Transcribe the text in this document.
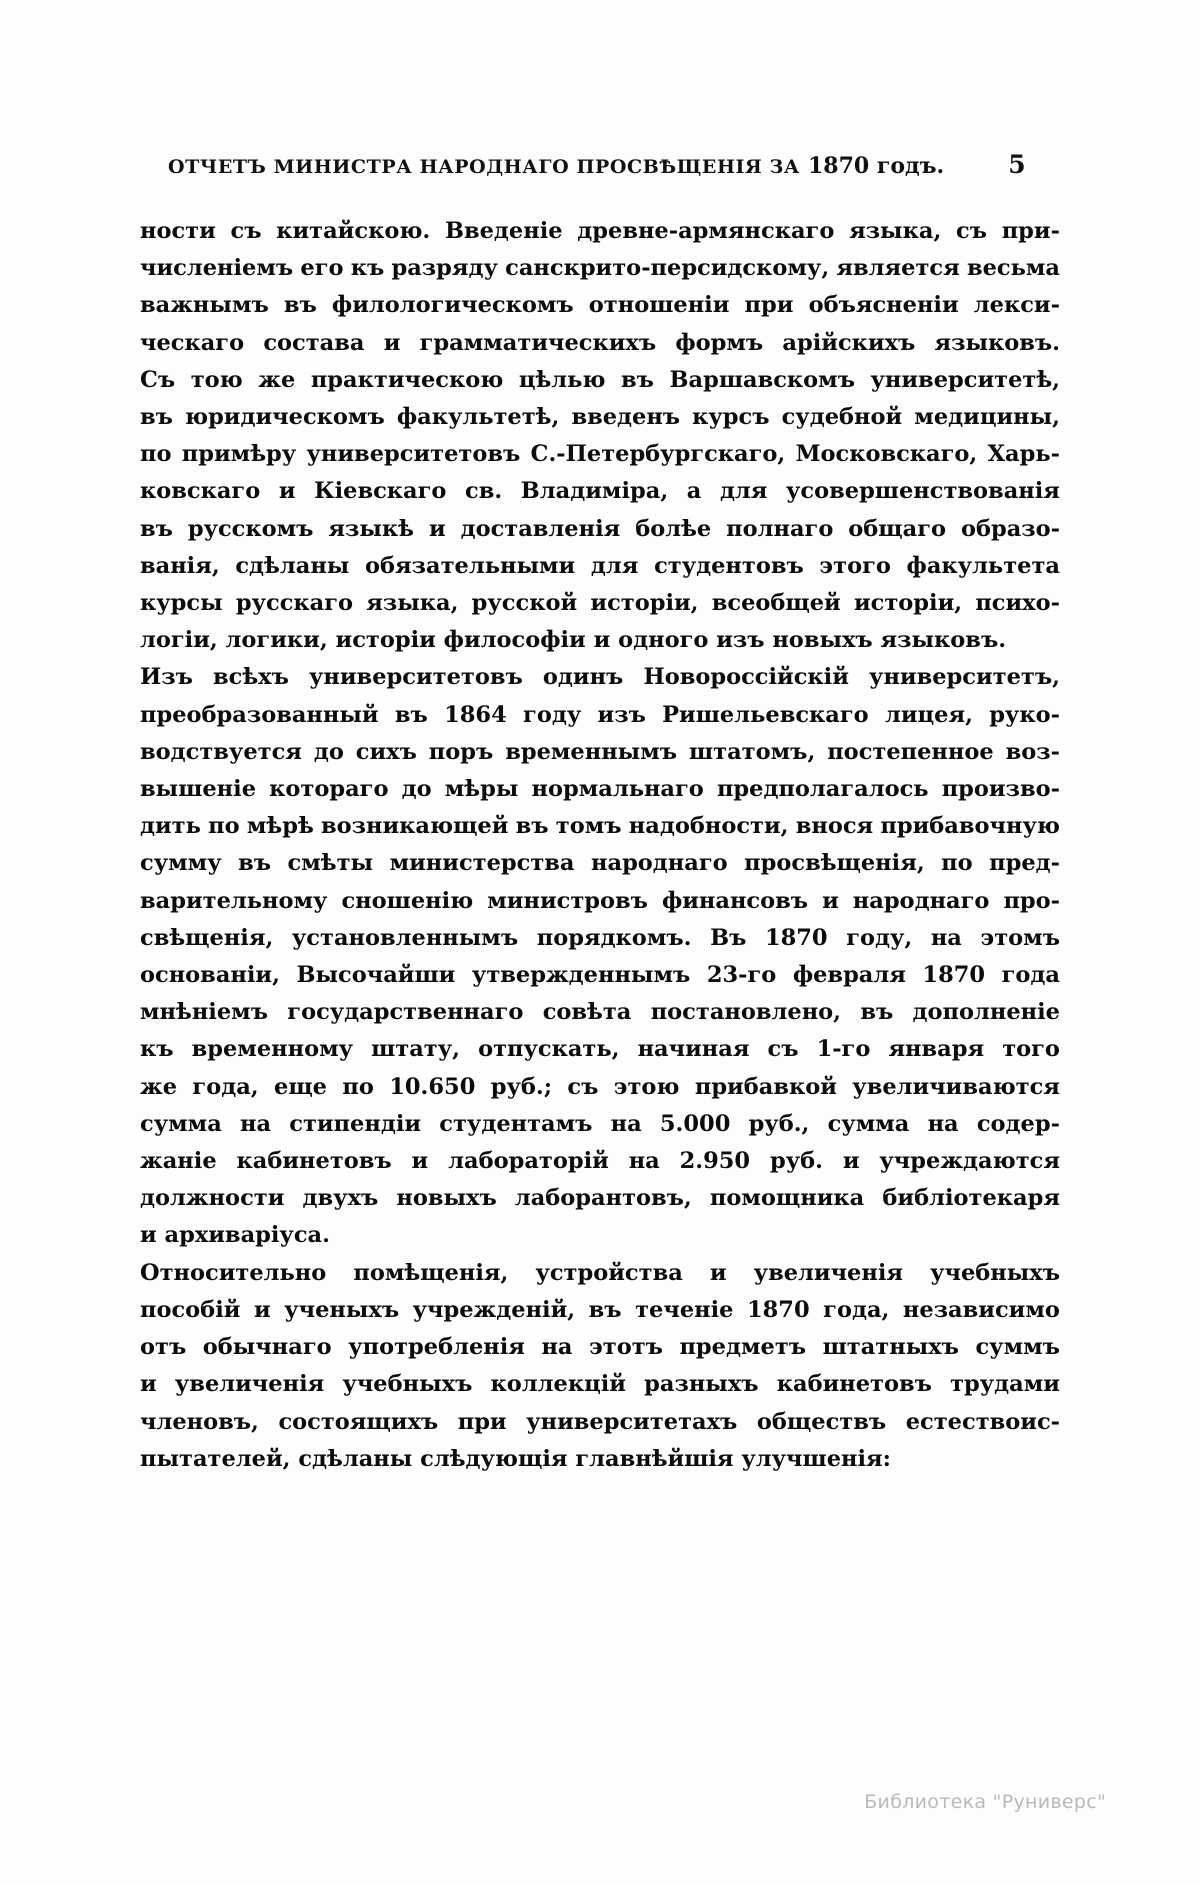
ОТЧЕТЪ МИНИСТРА НАРОДНАГО ПРОСВѢЩЕНІЯ ЗА 1870 годъ.	5

ности съ китайскою. Введеніе древне-армянскаго языка, съ при-
численіемъ его къ разряду санскрито-персидскому, является весьма
важнымъ въ филологическомъ отношеніи при объясненіи лекси-
ческаго состава и грамматическихъ формъ арійскихъ языковъ.
Съ тою же практическою цѣлью въ Варшавскомъ университетѣ,
въ юридическомъ факультетѣ, введенъ курсъ судебной медицины,
по примѣру университетовъ С.-Петербургскаго, Московскаго, Харь-
ковскаго и Кіевскаго св. Владиміра, а для усовершенствованія
въ русскомъ языкѣ и доставленія болѣе полнаго общаго образо-
ванія, сдѣланы обязательными для студентовъ этого факультета
курсы русскаго языка, русской исторіи, всеобщей исторіи, психо-
логіи, логики, исторіи философіи и одного изъ новыхъ языковъ.

Изъ всѣхъ университетовъ одинъ Новороссійскій университетъ,
преобразованный въ 1864 году изъ Ришельевскаго лицея, руко-
водствуется до сихъ поръ временнымъ штатомъ, постепенное воз-
вышеніе котораго до мѣры нормальнаго предполагалось произво-
дить по мѣрѣ возникающей въ томъ надобности, внося прибавочную
сумму въ смѣты министерства народнаго просвѣщенія, по пред-
варительному сношенію министровъ финансовъ и народнаго про-
свѣщенія, установленнымъ порядкомъ. Въ 1870 году, на этомъ
основаніи, Высочайши утвержденнымъ 23-го февраля 1870 года
мнѣніемъ государственнаго совѣта постановлено, въ дополненіе
къ временному штату, отпускать, начиная съ 1-го января того
же года, еще по 10.650 руб.; съ этою прибавкой увеличиваются
сумма на стипендіи студентамъ на 5.000 руб., сумма на содер-
жаніе кабинетовъ и лабораторій на 2.950 руб. и учреждаются
должности двухъ новыхъ лаборантовъ, помощника библіотекаря
и архиваріуса.

Относительно помѣщенія, устройства и увеличенія учебныхъ
пособій и ученыхъ учрежденій, въ теченіе 1870 года, независимо
отъ обычнаго употребленія на этотъ предметъ штатныхъ суммъ
и увеличенія учебныхъ коллекцій разныхъ кабинетовъ трудами
членовъ, состоящихъ при университетахъ обществъ естествоис-
пытателей, сдѣланы слѣдующія главнѣйшія улучшенія:

Библиотека "Руниверс"
